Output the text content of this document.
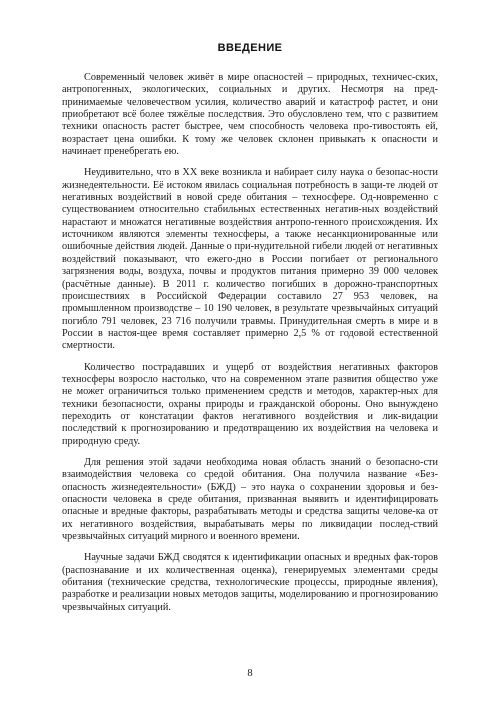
ВВЕДЕНИЕ

Современный человек живёт в мире опасностей – природных, техничес-ских, антропогенных, экологических, социальных и других. Несмотря на пред-принимаемые человечеством усилия, количество аварий и катастроф растет, и они приобретают всё более тяжёлые последствия. Это обусловлено тем, что с развитием техники опасность растет быстрее, чем способность человека про-тивостоять ей, возрастает цена ошибки. К тому же человек склонен привыкать к опасности и начинает пренебрегать ею.

Неудивительно, что в XX веке возникла и набирает силу наука о безопас-ности жизнедеятельности. Её истоком явилась социальная потребность в защи-те людей от негативных воздействий в новой среде обитания – техносфере. Од-новременно с существованием относительно стабильных естественных негатив-ных воздействий нарастают и множатся негативные воздействия антропо-генного происхождения. Их источником являются элементы техносферы, а также несанкционированные или ошибочные действия людей. Данные о при-нудительной гибели людей от негативных воздействий показывают, что ежего-дно в России погибает от регионального загрязнения воды, воздуха, почвы и продуктов питания примерно 39 000 человек (расчётные данные). В 2011 г. количество погибших в дорожно-транспортных происшествиях в Российской Федерации составило 27 953 человек, на промышленном производстве – 10 190 человек, в результате чрезвычайных ситуаций погибло 791 человек, 23 716 получили травмы. Принудительная смерть в мире и в России в настоя-щее время составляет примерно 2,5 % от годовой естественной смертности.

Количество пострадавших и ущерб от воздействия негативных факторов техносферы возросло настолько, что на современном этапе развития общество уже не может ограничиться только применением средств и методов, характер-ных для техники безопасности, охраны природы и гражданской обороны. Оно вынуждено переходить от констатации фактов негативного воздействия и лик-видации последствий к прогнозированию и предотвращению их воздействия на человека и природную среду.

Для решения этой задачи необходима новая область знаний о безопасно-сти взаимодействия человека со средой обитания. Она получила название «Без-опасность жизнедеятельности» (БЖД) – это наука о сохранении здоровья и без-опасности человека в среде обитания, призванная выявить и идентифицировать опасные и вредные факторы, разрабатывать методы и средства защиты челове-ка от их негативного воздействия, вырабатывать меры по ликвидации послед-ствий чрезвычайных ситуаций мирного и военного времени.

Научные задачи БЖД сводятся к идентификации опасных и вредных фак-торов (распознавание и их количественная оценка), генерируемых элементами среды обитания (технические средства, технологические процессы, природные явления), разработке и реализации новых методов защиты, моделированию и прогнозированию чрезвычайных ситуаций.

8
